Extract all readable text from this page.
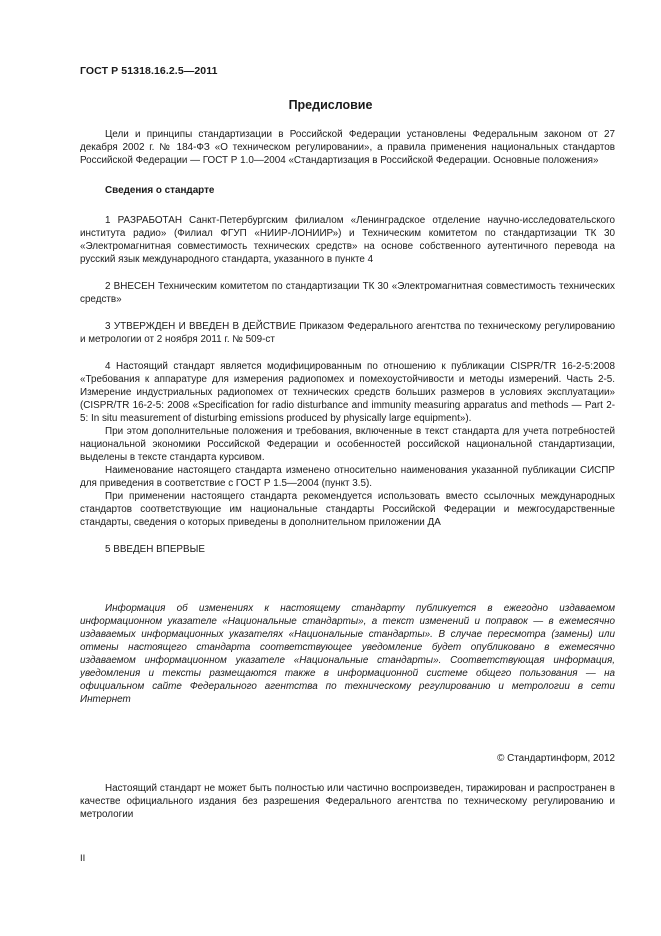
ГОСТ Р 51318.16.2.5—2011
Предисловие

Цели и принципы стандартизации в Российской Федерации установлены Федеральным законом от 27 декабря 2002 г. № 184-ФЗ «О техническом регулировании», а правила применения национальных стандартов Российской Федерации — ГОСТ Р 1.0—2004 «Стандартизация в Российской Федерации. Основные положения»

Сведения о стандарте

1 РАЗРАБОТАН Санкт-Петербургским филиалом «Ленинградское отделение научно-исследовательского института радио» (Филиал ФГУП «НИИР-ЛОНИИР») и Техническим комитетом по стандартизации ТК 30 «Электромагнитная совместимость технических средств» на основе собственного аутентичного перевода на русский язык международного стандарта, указанного в пункте 4

2 ВНЕСЕН Техническим комитетом по стандартизации ТК 30 «Электромагнитная совместимость технических средств»

3 УТВЕРЖДЕН И ВВЕДЕН В ДЕЙСТВИЕ Приказом Федерального агентства по техническому регулированию и метрологии от 2 ноября 2011 г. № 509-ст

4 Настоящий стандарт является модифицированным по отношению к публикации CISPR/TR 16-2-5:2008 «Требования к аппаратуре для измерения радиопомех и помехоустойчивости и методы измерений. Часть 2-5. Измерение индустриальных радиопомех от технических средств больших размеров в условиях эксплуатации» (CISPR/TR 16-2-5: 2008 «Specification for radio disturbance and immunity measuring apparatus and methods — Part 2-5: In situ measurement of disturbing emissions produced by physically large equipment»).

При этом дополнительные положения и требования, включенные в текст стандарта для учета потребностей национальной экономики Российской Федерации и особенностей российской национальной стандартизации, выделены в тексте стандарта курсивом.

Наименование настоящего стандарта изменено относительно наименования указанной публикации СИСПР для приведения в соответствие с ГОСТ Р 1.5—2004 (пункт 3.5).

При применении настоящего стандарта рекомендуется использовать вместо ссылочных международных стандартов соответствующие им национальные стандарты Российской Федерации и межгосударственные стандарты, сведения о которых приведены в дополнительном приложении ДА

5 ВВЕДЕН ВПЕРВЫЕ

Информация об изменениях к настоящему стандарту публикуется в ежегодно издаваемом информационном указателе «Национальные стандарты», а текст изменений и поправок — в ежемесячно издаваемых информационных указателях «Национальные стандарты». В случае пересмотра (замены) или отмены настоящего стандарта соответствующее уведомление будет опубликовано в ежемесячно издаваемом информационном указателе «Национальные стандарты». Соответствующая информация, уведомления и тексты размещаются также в информационной системе общего пользования — на официальном сайте Федерального агентства по техническому регулированию и метрологии в сети Интернет

© Стандартинформ, 2012

Настоящий стандарт не может быть полностью или частично воспроизведен, тиражирован и распространен в качестве официального издания без разрешения Федерального агентства по техническому регулированию и метрологии

II
